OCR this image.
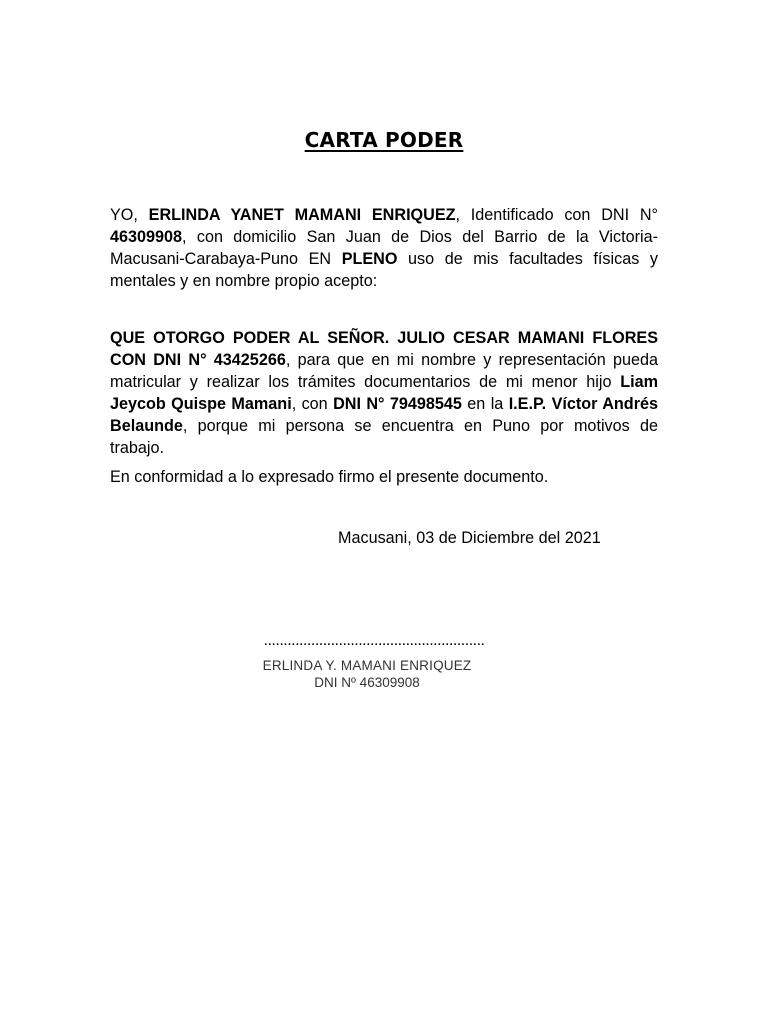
CARTA PODER
YO, ERLINDA YANET MAMANI ENRIQUEZ, Identificado con DNI N° 46309908, con domicilio San Juan de Dios del Barrio de la Victoria-Macusani-Carabaya-Puno EN PLENO uso de mis facultades físicas y mentales y en nombre propio acepto:
QUE OTORGO PODER AL SEÑOR. JULIO CESAR MAMANI FLORES CON DNI N° 43425266, para que en mi nombre y representación pueda matricular y realizar los trámites documentarios de mi menor hijo Liam Jeycob Quispe Mamani, con DNI N° 79498545 en la I.E.P. Víctor Andrés Belaunde, porque mi persona se encuentra en Puno por motivos de trabajo.
En conformidad a lo expresado firmo el presente documento.
Macusani, 03 de Diciembre del 2021
........................................................
ERLINDA Y. MAMANI ENRIQUEZ
DNI Nº 46309908
